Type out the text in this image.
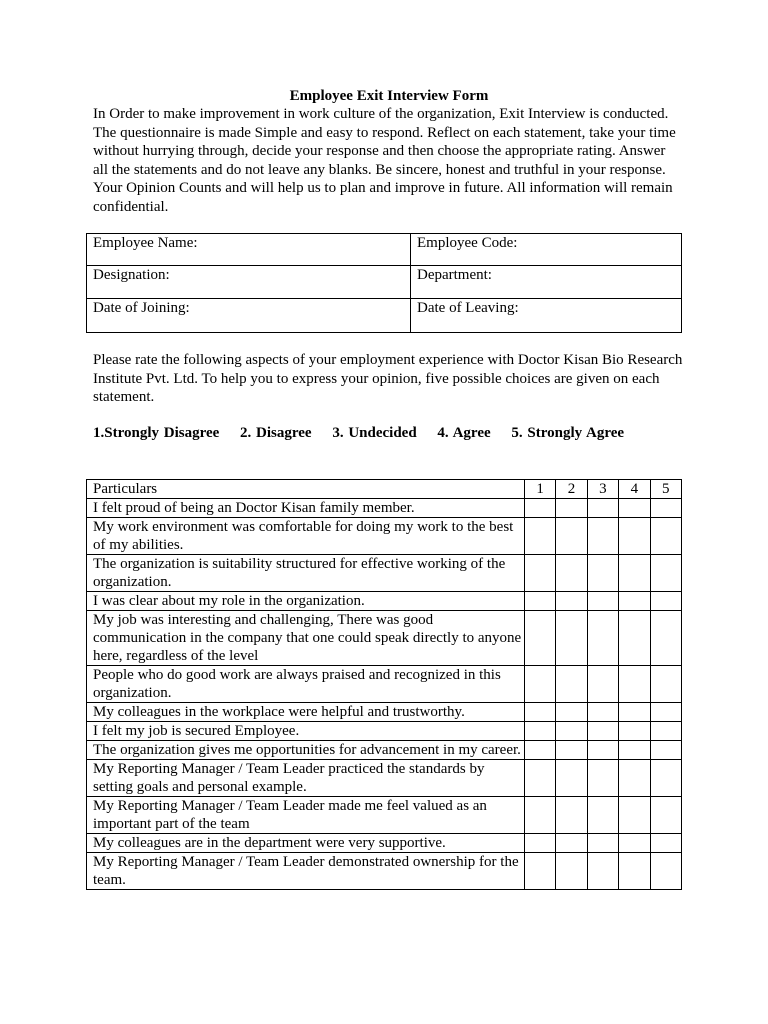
Employee Exit Interview Form
In Order to make improvement in work culture of the organization, Exit Interview is conducted. The questionnaire is made Simple and easy to respond. Reflect on each statement, take your time without hurrying through, decide your response and then choose the appropriate rating. Answer all the statements and do not leave any blanks. Be sincere, honest and truthful in your response. Your Opinion Counts and will help us to plan and improve in future. All information will remain confidential.
Employee Name:	Employee Code:
Designation:	Department:
Date of Joining:	Date of Leaving:
Please rate the following aspects of your employment experience with Doctor Kisan Bio Research Institute Pvt. Ltd. To help you to express your opinion, five possible choices are given on each statement.
1.Strongly Disagree 2. Disagree 3. Undecided 4. Agree 5. Strongly Agree
Particulars	1	2	3	4	5
I felt proud of being an Doctor Kisan family member.					
My work environment was comfortable for doing my work to the best of my abilities.					
The organization is suitability structured for effective working of the organization.					
I was clear about my role in the organization.					
My job was interesting and challenging, There was good communication in the company that one could speak directly to anyone here, regardless of the level					
People who do good work are always praised and recognized in this organization.					
My colleagues in the workplace were helpful and trustworthy.					
I felt my job is secured Employee.					
The organization gives me opportunities for advancement in my career.					
My Reporting Manager / Team Leader practiced the standards by setting goals and personal example.					
My Reporting Manager / Team Leader made me feel valued as an important part of the team					
My colleagues are in the department were very supportive.					
My Reporting Manager / Team Leader demonstrated ownership for the team.					
